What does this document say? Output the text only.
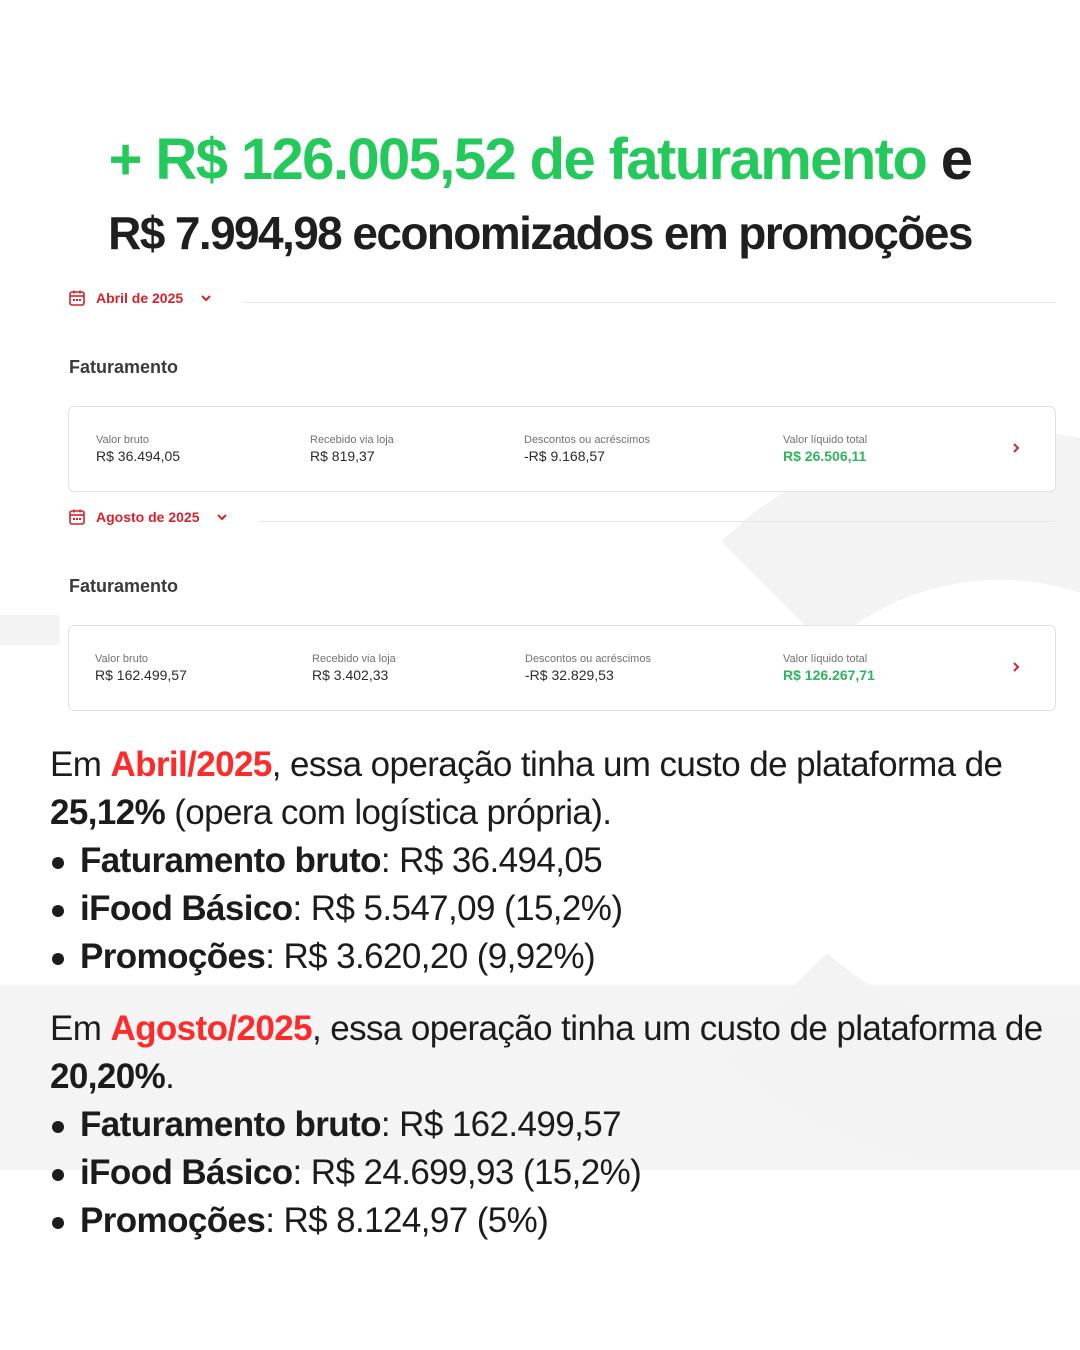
+ R$ 126.005,52 de faturamento e
R$ 7.994,98 economizados em promoções
Abril de 2025
Faturamento
Valor bruto
R$ 36.494,05
Recebido via loja
R$ 819,37
Descontos ou acréscimos
-R$ 9.168,57
Valor líquido total
R$ 26.506,11
Agosto de 2025
Faturamento
Valor bruto
R$ 162.499,57
Recebido via loja
R$ 3.402,33
Descontos ou acréscimos
-R$ 32.829,53
Valor líquido total
R$ 126.267,71

Em Abril/2025, essa operação tinha um custo de plataforma de 25,12% (opera com logística própria).

Faturamento bruto: R$ 36.494,05
iFood Básico: R$ 5.547,09 (15,2%)
Promoções: R$ 3.620,20 (9,92%)

Em Agosto/2025, essa operação tinha um custo de plataforma de 20,20%.

Faturamento bruto: R$ 162.499,57
iFood Básico: R$ 24.699,93 (15,2%)
Promoções: R$ 8.124,97 (5%)
